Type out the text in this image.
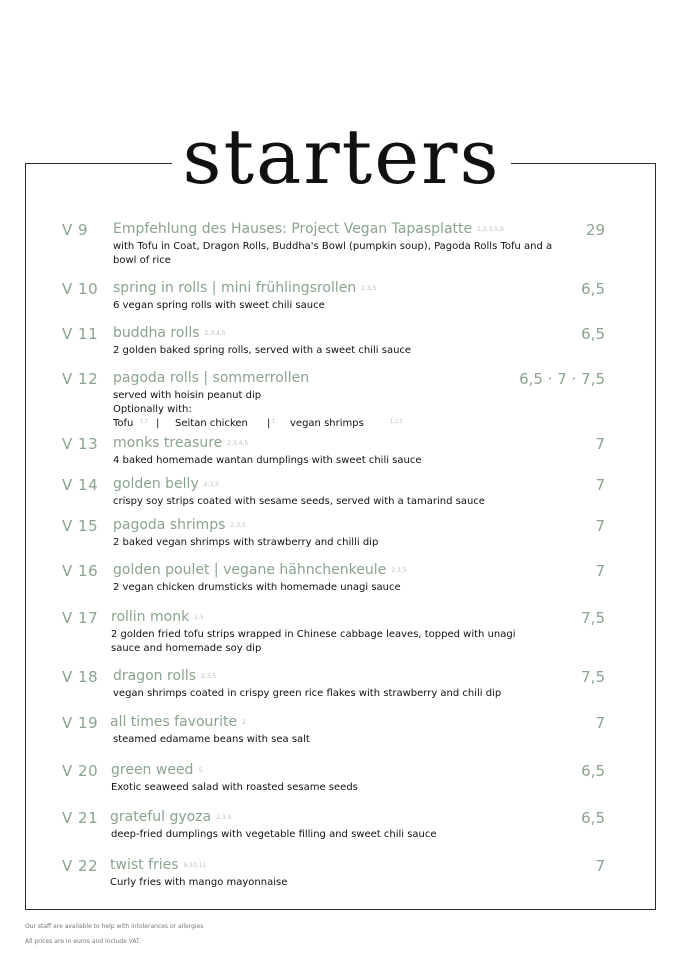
starters
V 9 Empfehlung des Hauses: Project Vegan Tapasplatte 1,2,3,5,9	29
with Tofu in Coat, Dragon Rolls, Buddha's Bowl (pumpkin soup), Pagoda Rolls Tofu and a bowl of rice
V 10 spring in rolls | mini frühlingsrollen 2,3,5	6,5
6 vegan spring rolls with sweet chili sauce
V 11 buddha rolls 2,3,4,5	6,5
2 golden baked spring rolls, served with a sweet chili sauce
V 12 pagoda rolls | sommerrollen	6,5 · 7 · 7,5
served with hoisin peanut dip
Optionally with:
Tofu 1,2 | Seitan chicken | 1 vegan shrimps	1,2,3
V 13 monks treasure 2,3,4,5	7
4 baked homemade wantan dumplings with sweet chili sauce
V 14 golden belly 2,3,5	7
crispy soy strips coated with sesame seeds, served with a tamarind sauce
V 15 pagoda shrimps 2,3,5	7
2 baked vegan shrimps with strawberry and chilli dip
V 16 golden poulet | vegane hähnchenkeule 2,3,5	7
2 vegan chicken drumsticks with homemade unagi sauce
V 17 rollin monk 2,5	7,5
2 golden fried tofu strips wrapped in Chinese cabbage leaves, topped with unagi sauce and homemade soy dip
V 18 dragon rolls 2,3,5	7,5
vegan shrimps coated in crispy green rice flakes with strawberry and chili dip
V 19 all times favourite 2	7
steamed edamame beans with sea salt
V 20 green weed 5	6,5
Exotic seaweed salad with roasted sesame seeds
V 21 grateful gyoza 2,3,5	6,5
deep-fried dumplings with vegetable filling and sweet chili sauce
V 22 twist fries 9,10,11	7
Curly fries with mango mayonnaise
Our staff are available to help with intolerances or allergies
All prices are in euros and include VAT.
